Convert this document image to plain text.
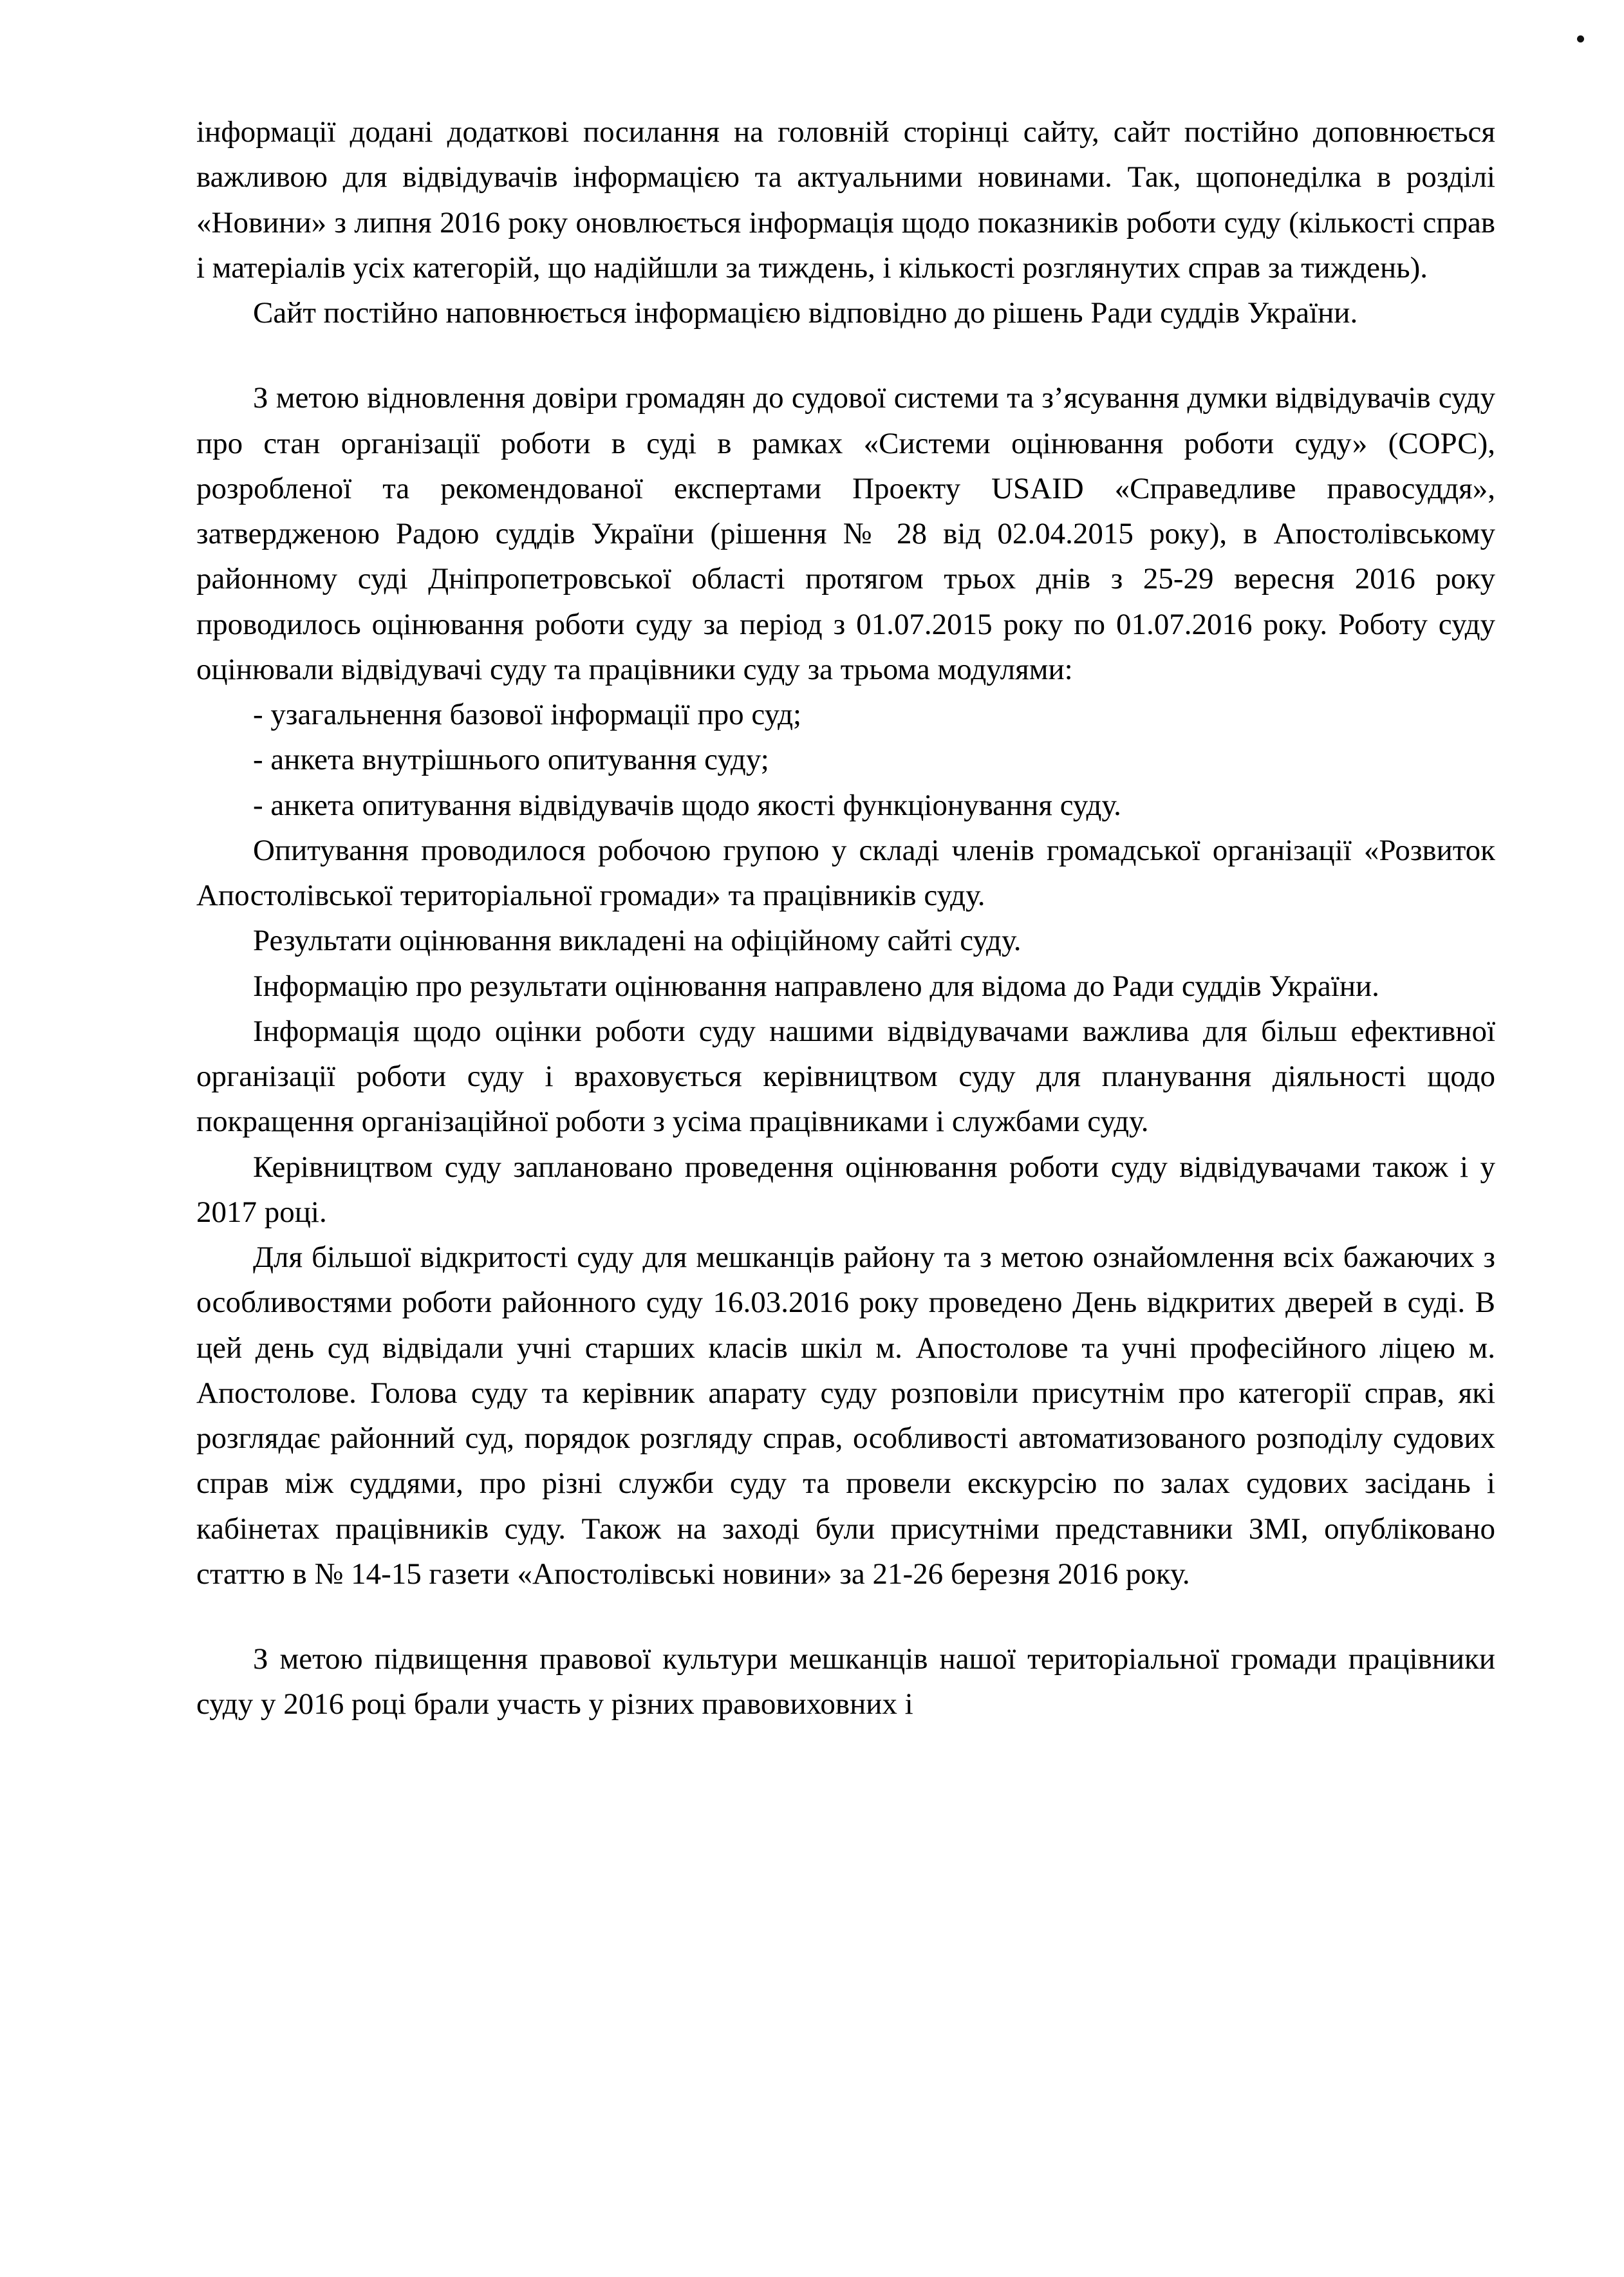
інформації додані додаткові посилання на головній сторінці сайту, сайт постійно доповнюється важливою для відвідувачів інформацією та актуальними новинами. Так, щопонеділка в розділі «Новини» з липня 2016 року оновлюється інформація щодо показників роботи суду (кількості справ і матеріалів усіх категорій, що надійшли за тиждень, і кількості розглянутих справ за тиждень).

Сайт постійно наповнюється інформацією відповідно до рішень Ради суддів України.

З метою відновлення довіри громадян до судової системи та з’ясування думки відвідувачів суду про стан організації роботи в суді в рамках «Системи оцінювання роботи суду» (СОРС), розробленої та рекомендованої експертами Проекту USAID «Справедливе правосуддя», затвердженою Радою суддів України (рішення № 28 від 02.04.2015 року), в Апостолівському районному суді Дніпропетровської області протягом трьох днів з 25-29 вересня 2016 року проводилось оцінювання роботи суду за період з 01.07.2015 року по 01.07.2016 року. Роботу суду оцінювали відвідувачі суду та працівники суду за трьома модулями:

- узагальнення базової інформації про суд;

- анкета внутрішнього опитування суду;

- анкета опитування відвідувачів щодо якості функціонування суду.

Опитування проводилося робочою групою у складі членів громадської організації «Розвиток Апостолівської територіальної громади» та працівників суду.

Результати оцінювання викладені на офіційному сайті суду.

Інформацію про результати оцінювання направлено для відома до Ради суддів України.

Інформація щодо оцінки роботи суду нашими відвідувачами важлива для більш ефективної організації роботи суду і враховується керівництвом суду для планування діяльності щодо покращення організаційної роботи з усіма працівниками і службами суду.

Керівництвом суду заплановано проведення оцінювання роботи суду відвідувачами також і у 2017 році.

Для більшої відкритості суду для мешканців району та з метою ознайомлення всіх бажаючих з особливостями роботи районного суду 16.03.2016 року проведено День відкритих дверей в суді. В цей день суд відвідали учні старших класів шкіл м. Апостолове та учні професійного ліцею м. Апостолове. Голова суду та керівник апарату суду розповіли присутнім про категорії справ, які розглядає районний суд, порядок розгляду справ, особливості автоматизованого розподілу судових справ між суддями, про різні служби суду та провели екскурсію по залах судових засідань і кабінетах працівників суду. Також на заході були присутніми представники ЗМІ, опубліковано статтю в № 14-15 газети «Апостолівські новини» за 21-26 березня 2016 року.

З метою підвищення правової культури мешканців нашої територіальної громади працівники суду у 2016 році брали участь у різних правовиховних і
